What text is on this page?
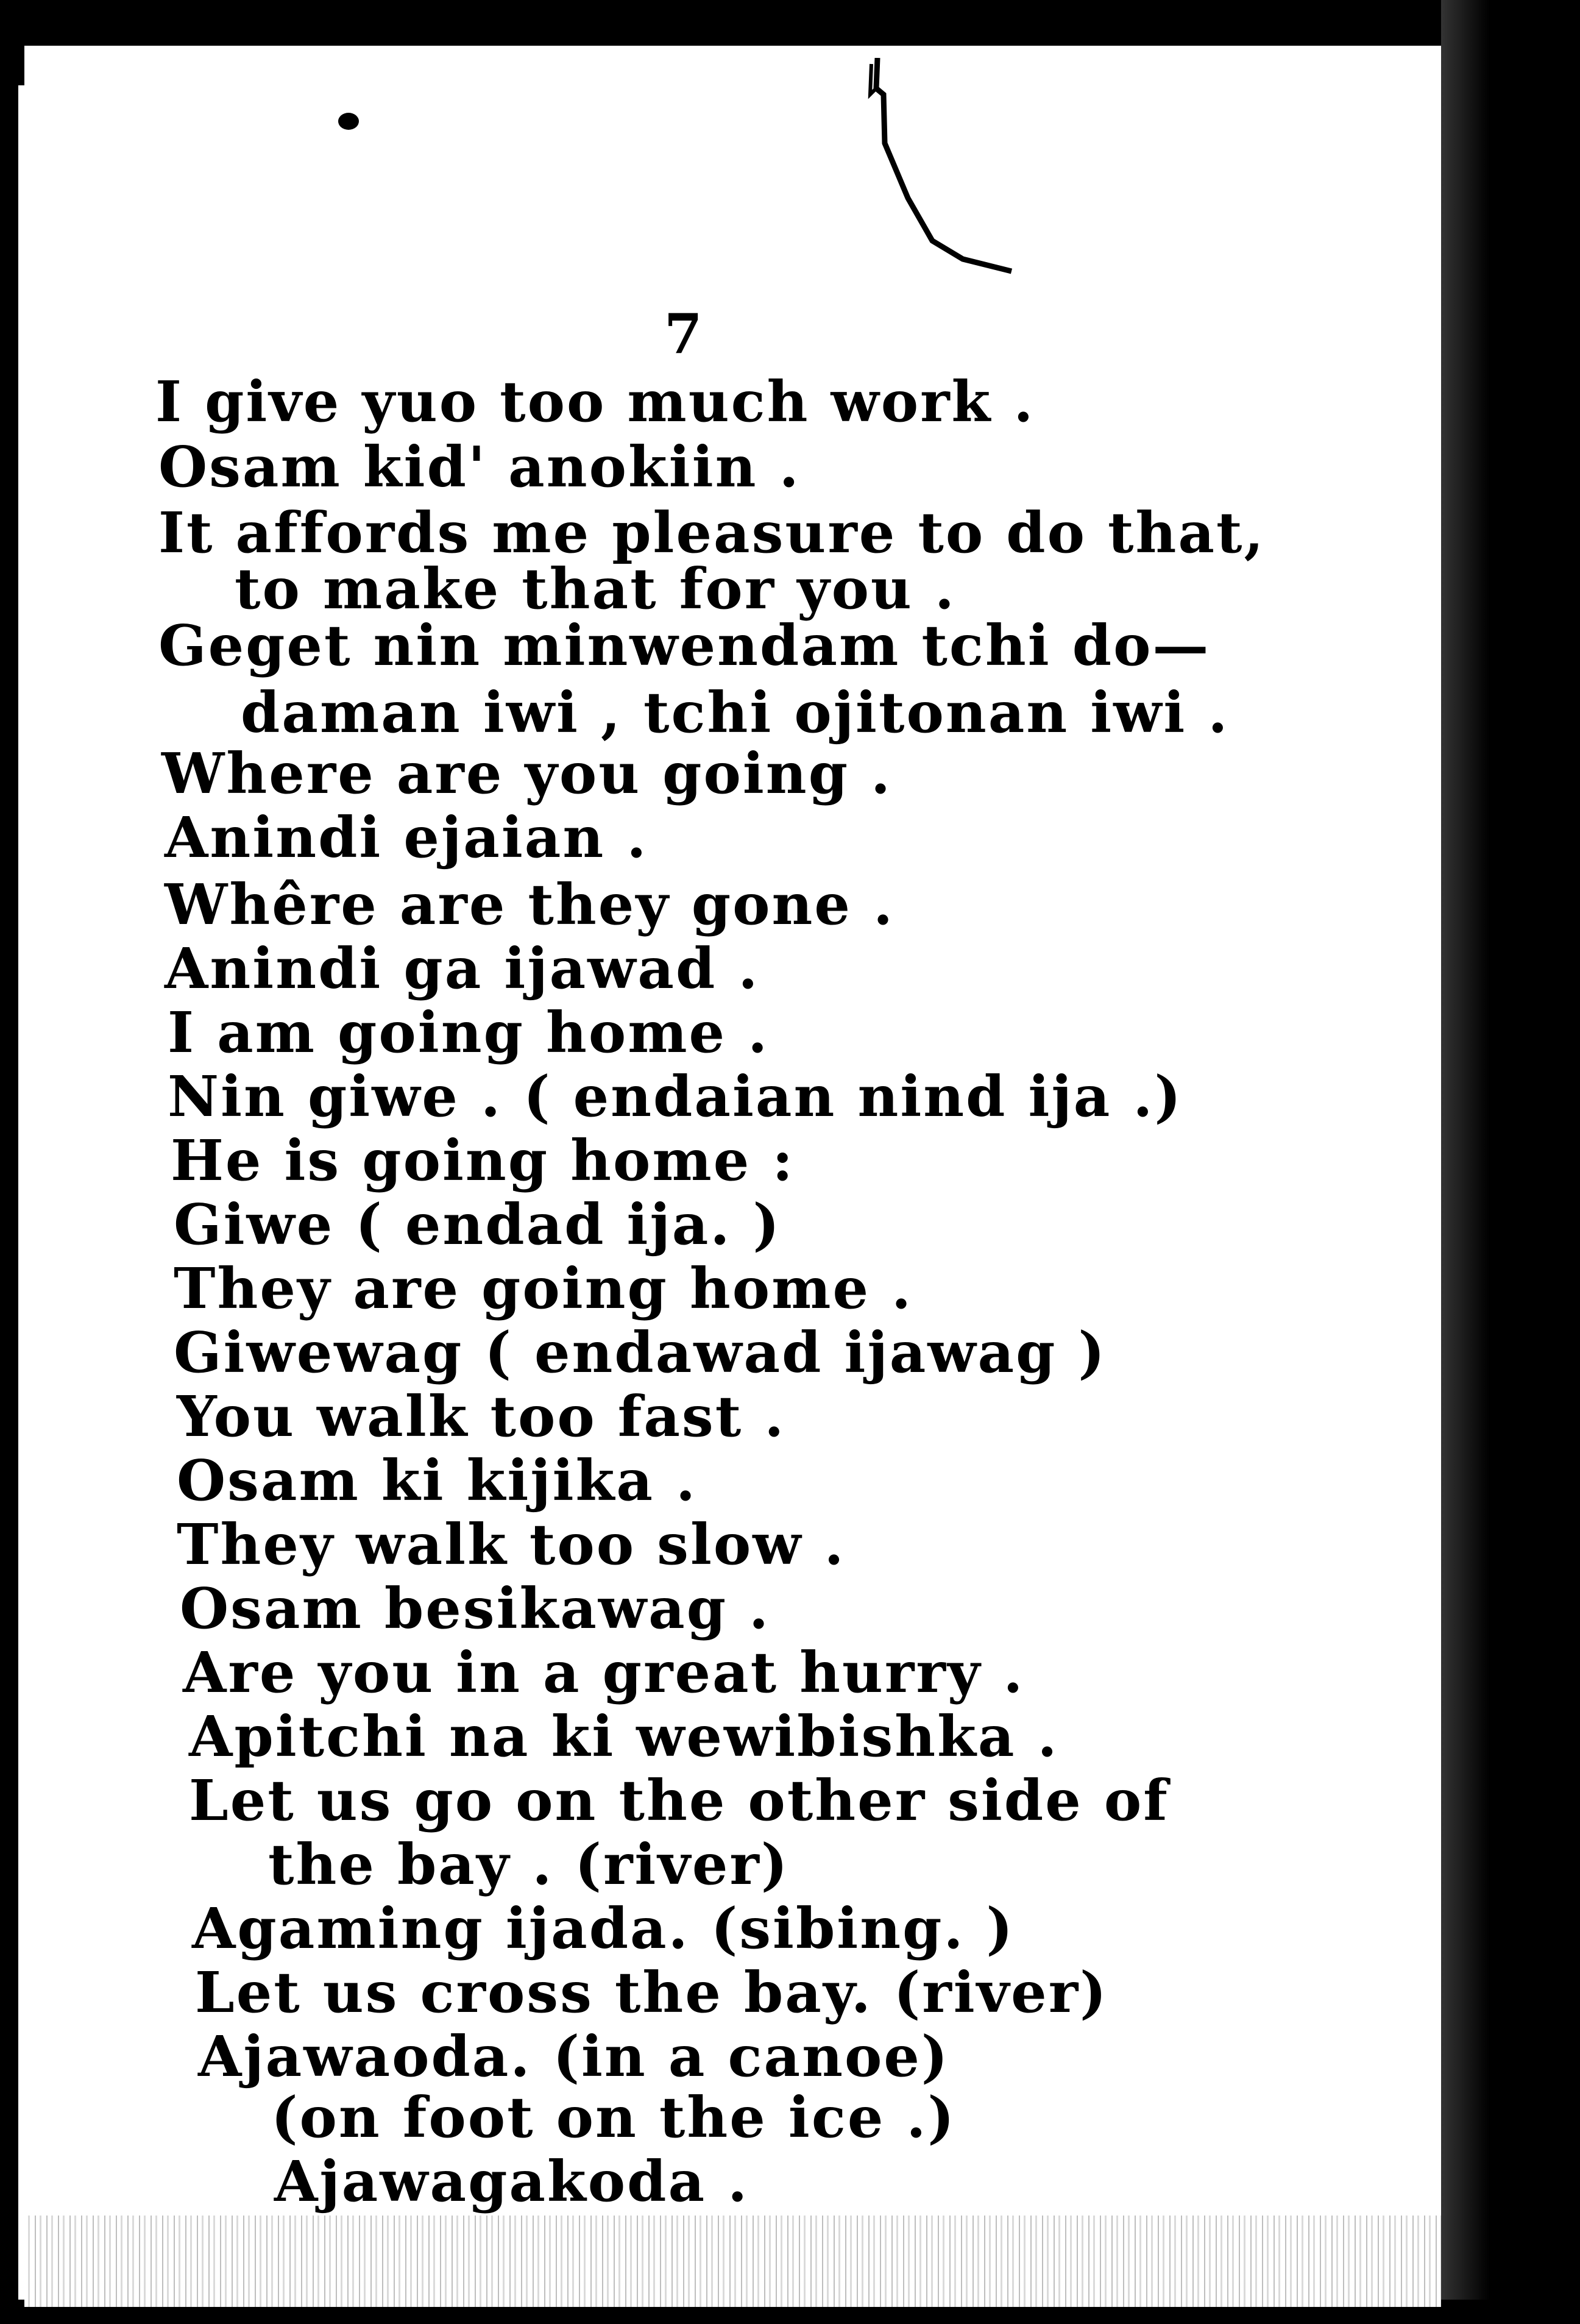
7
I give yuo too much work .
Osam kid' anokiin .
It affords me pleasure to do that,
to make that for you .
Geget nin minwendam tchi do—
daman iwi , tchi ojitonan iwi .
Where are you going .
Anindi ejaian .
Whêre are they gone .
Anindi ga ijawad .
I am going home .
Nin giwe . ( endaian nind ija .)
He is going home :
Giwe ( endad ija. )
They are going home .
Giwewag ( endawad ijawag )
You walk too fast .
Osam ki kijika .
They walk too slow .
Osam besikawag .
Are you in a great hurry .
Apitchi na ki wewibishka .
Let us go on the other side of
the bay . (river)
Agaming ijada. (sibing. )
Let us cross the bay. (river)
Ajawaoda. (in a canoe)
(on foot on the ice .)
Ajawagakoda .
